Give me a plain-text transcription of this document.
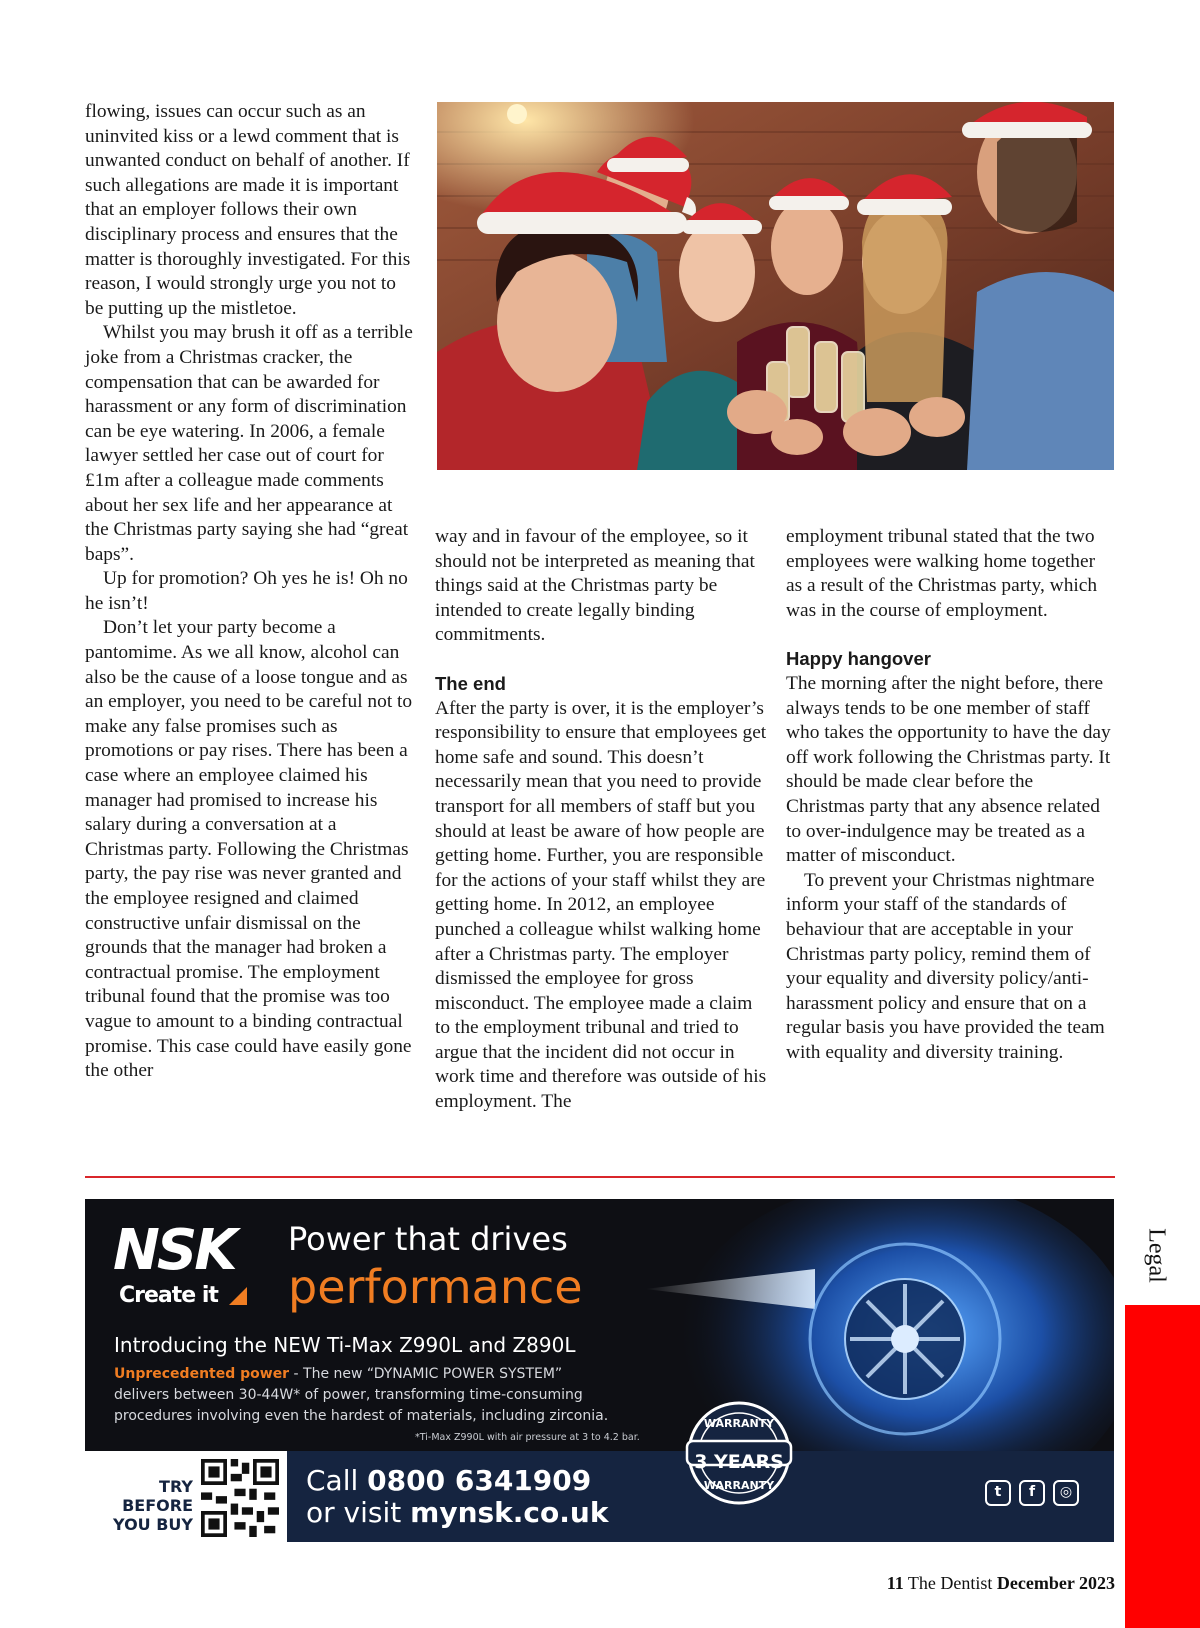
flowing, issues can occur such as an uninvited kiss or a lewd comment that is unwanted conduct on behalf of another. If such allegations are made it is important that an employer follows their own disciplinary process and ensures that the matter is thoroughly investigated. For this reason, I would strongly urge you not to be putting up the mistletoe.

Whilst you may brush it off as a terrible joke from a Christmas cracker, the compensation that can be awarded for harassment or any form of discrimination can be eye watering. In 2006, a female lawyer settled her case out of court for £1m after a colleague made comments about her sex life and her appearance at the Christmas party saying she had “great baps”.

Up for promotion? Oh yes he is! Oh no he isn’t!

Don’t let your party become a pantomime. As we all know, alcohol can also be the cause of a loose tongue and as an employer, you need to be careful not to make any false promises such as promotions or pay rises. There has been a case where an employee claimed his manager had promised to increase his salary during a conversation at a Christmas party. Following the Christmas party, the pay rise was never granted and the employee resigned and claimed constructive unfair dismissal on the grounds that the manager had broken a contractual promise. The employment tribunal found that the promise was too vague to amount to a binding contractual promise. This case could have easily gone the other

way and in favour of the employee, so it should not be interpreted as meaning that things said at the Christmas party be intended to create legally binding commitments.

The end

After the party is over, it is the employer’s responsibility to ensure that employees get home safe and sound. This doesn’t necessarily mean that you need to provide transport for all members of staff but you should at least be aware of how people are getting home. Further, you are responsible for the actions of your staff whilst they are getting home. In 2012, an employee punched a colleague whilst walking home after a Christmas party. The employer dismissed the employee for gross misconduct. The employee made a claim to the employment tribunal and tried to argue that the incident did not occur in work time and therefore was outside of his employment. The

employment tribunal stated that the two employees were walking home together as a result of the Christmas party, which was in the course of employment.

Happy hangover

The morning after the night before, there always tends to be one member of staff who takes the opportunity to have the day off work following the Christmas party. It should be made clear before the Christmas party that any absence related to over-indulgence may be treated as a matter of misconduct.

To prevent your Christmas nightmare inform your staff of the standards of behaviour that are acceptable in your Christmas party policy, remind them of your equality and diversity policy/anti-harassment policy and ensure that on a regular basis you have provided the team with equality and diversity training.

NSK
Create it
Power that drives
performance
Introducing the NEW Ti-Max Z990L and Z890L
Unprecedented power - The new “DYNAMIC POWER SYSTEM” delivers between 30-44W* of power, transforming time-consuming procedures involving even the hardest of materials, including zirconia.
*Ti-Max Z990L with air pressure at 3 to 4.2 bar.
TRY BEFORE YOU BUY
Call 0800 6341909
or visit mynsk.co.uk
WARRANTY
WARRANTY
3 YEARS
t	f	◎
Legal
11 The Dentist December 2023
